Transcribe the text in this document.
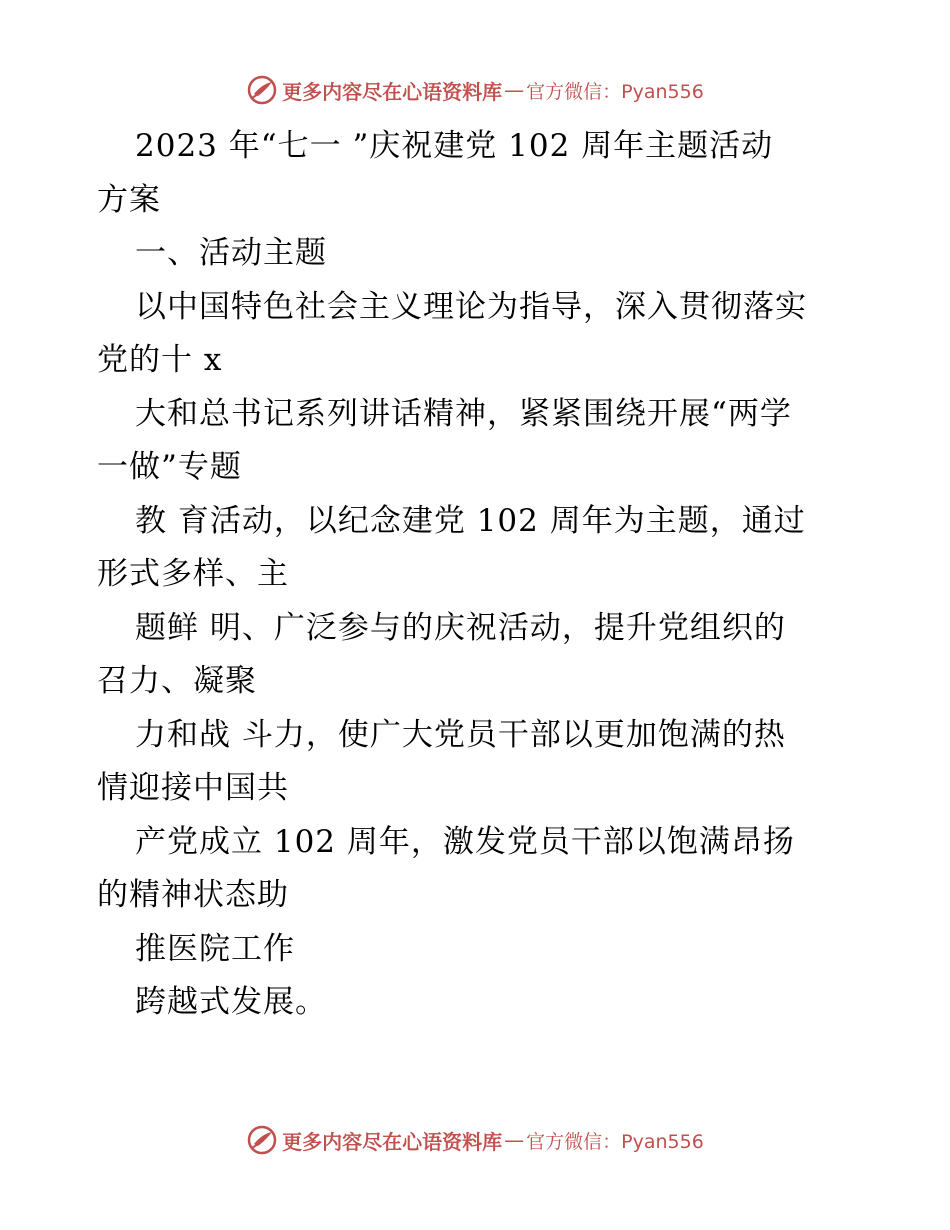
更多内容尽在心语资料库 — 官方微信：Pyan556
2023 年“七一 ”庆祝建党 102 周年主题活动
方案
一、活动主题
以中国特色社会主义理论为指导，深入贯彻落实
党的十 x
大和总书记系列讲话精神，紧紧围绕开展“两学
一做”专题
教 育活动，以纪念建党 102 周年为主题，通过
形式多样、主
题鲜 明、广泛参与的庆祝活动，提升党组织的
召力、凝聚
力和战 斗力，使广大党员干部以更加饱满的热
情迎接中国共
产党成立 102 周年，激发党员干部以饱满昂扬
的精神状态助
推医院工作
跨越式发展。
更多内容尽在心语资料库 — 官方微信：Pyan556
